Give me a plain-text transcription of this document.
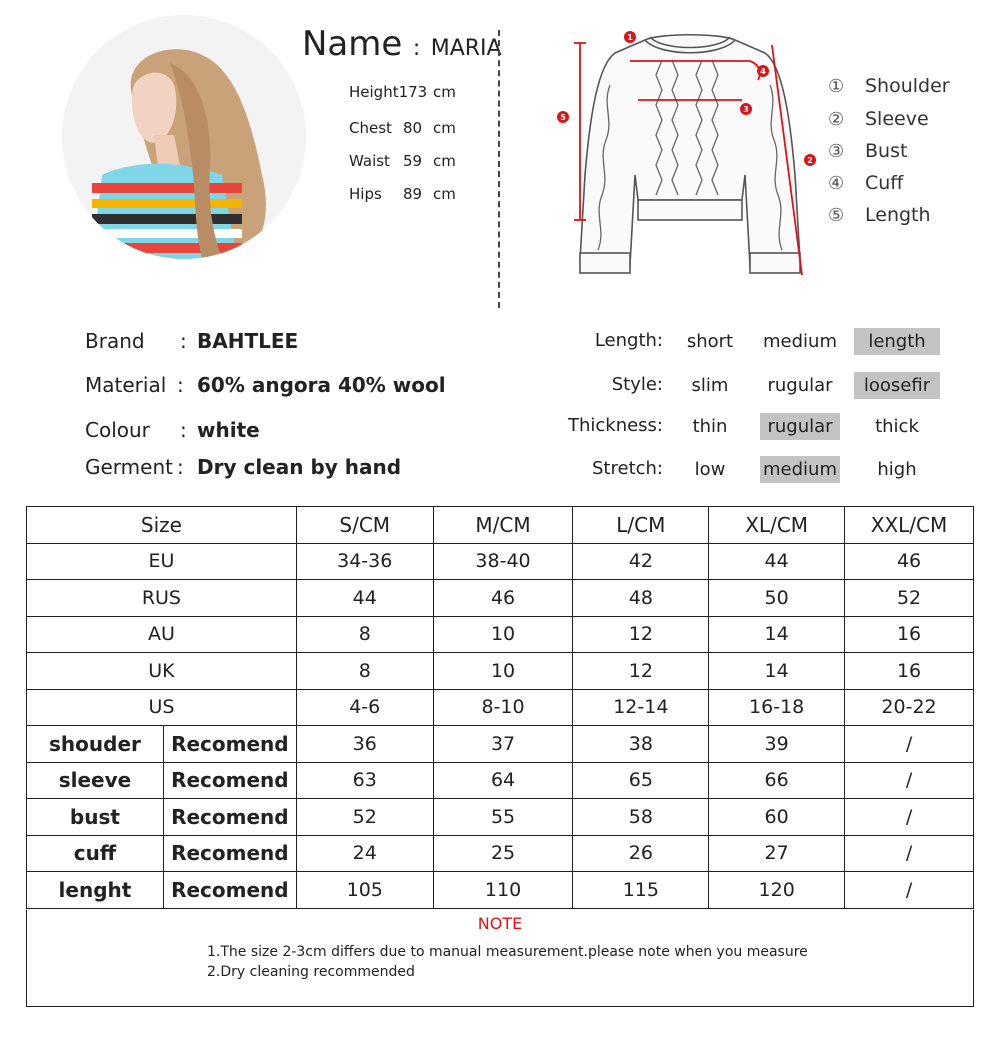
Name : MARIA
Height173 cm
Chest 80 cm
Waist 59 cm
Hips 89 cm
1
2
3
4
5
① Shoulder
② Sleeve
③ Bust
④ Cuff
⑤ Length
Brand : BAHTLEE
Material : 60% angora 40% wool
Colour : white
Germent : Dry clean by hand
Length:	short	medium	length
Style:	slim	rugular	loosefir
Thickness:	thin	rugular	thick
Stretch:	low	medium	high
Size		S/CM	M/CM	L/CM	XL/CM	XXL/CM
EU		34-36	38-40	42	44	46
RUS		44	46	48	50	52
AU		8	10	12	14	16
UK		8	10	12	14	16
US		4-6	8-10	12-14	16-18	20-22
shouder	Recomend	36	37	38	39	/
sleeve	Recomend	63	64	65	66	/
bust	Recomend	52	55	58	60	/
cuff	Recomend	24	25	26	27	/
lenght	Recomend	105	110	115	120	/
NOTE
1.The size 2-3cm differs due to manual measurement.please note when you measure
2.Dry cleaning recommended
